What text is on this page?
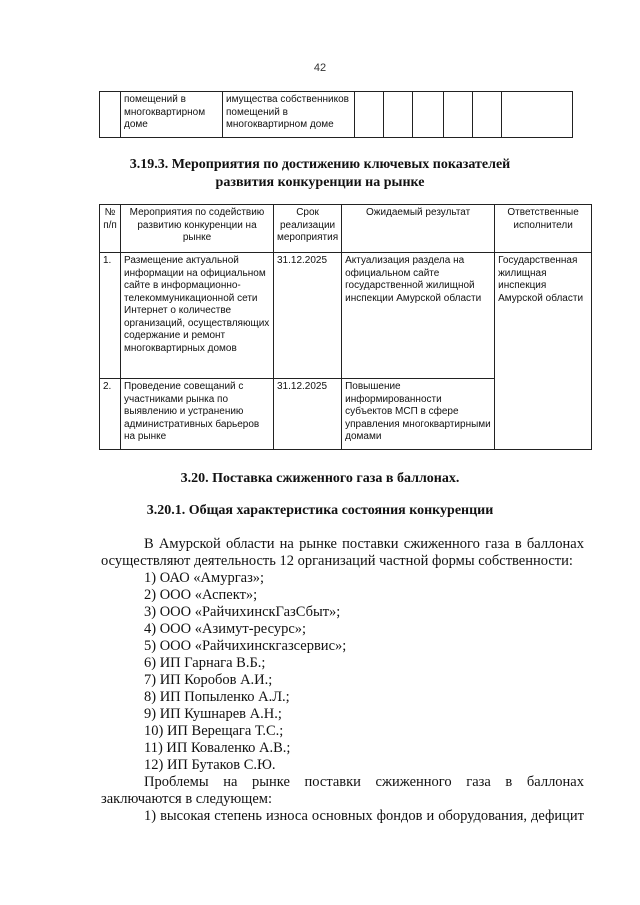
42
	помещений в многоквартирном доме	имущества собственников помещений в многоквартирном доме						
3.19.3. Мероприятия по достижению ключевых показателей
развития конкуренции на рынке
№ п/п	Мероприятия по содействию развитию конкуренции на рынке	Срок реализации мероприятия	Ожидаемый результат	Ответственные исполнители
1.	Размещение актуальной информации на официальном сайте в информационно-телекоммуникационной сети Интернет о количестве организаций, осуществляющих содержание и ремонт многоквартирных домов	31.12.2025	Актуализация раздела на официальном сайте государственной жилищной инспекции Амурской области	Государственная жилищная инспекция Амурской области
2.	Проведение совещаний с участниками рынка по выявлению и устранению административных барьеров на рынке	31.12.2025	Повышение информированности субъектов МСП в сфере управления многоквартирными домами	
3.20. Поставка сжиженного газа в баллонах.
3.20.1. Общая характеристика состояния конкуренции

В Амурской области на рынке поставки сжиженного газа в баллонах осуществляют деятельность 12 организаций частной формы собственности:

1) ОАО «Амургаз»;

2) ООО «Аспект»;

3) ООО «РайчихинскГазСбыт»;

4) ООО «Азимут-ресурс»;

5) ООО «Райчихинскгазсервис»;

6) ИП Гарнага В.Б.;

7) ИП Коробов А.И.;

8) ИП Попыленко А.Л.;

9) ИП Кушнарев А.Н.;

10) ИП Верещага Т.С.;

11) ИП Коваленко А.В.;

12) ИП Бутаков С.Ю.

Проблемы на рынке поставки сжиженного газа в баллонах заключаются в следующем:

1) высокая степень износа основных фондов и оборудования, дефицит
